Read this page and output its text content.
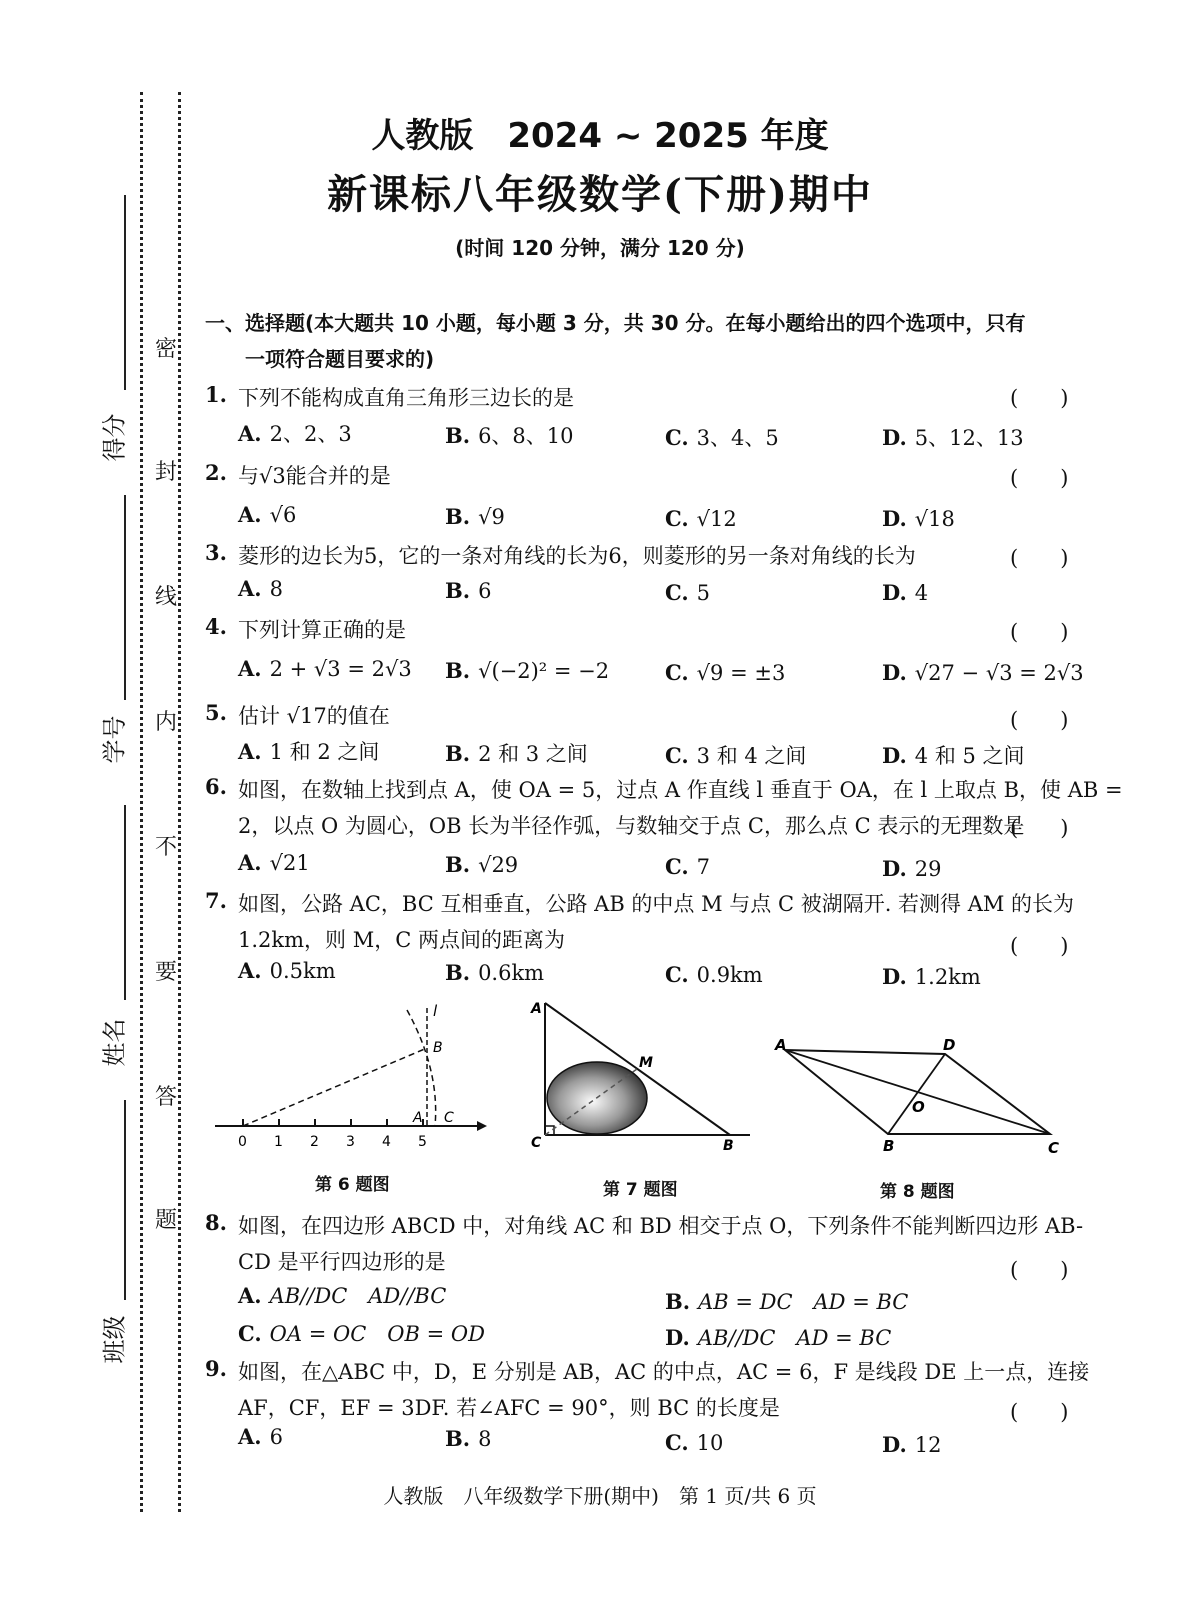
得分
学号
姓名
班级
密
封
线
内
不
要
答
题
人教版　2024 ~ 2025 年度
新课标八年级数学(下册)期中
(时间 120 分钟，满分 120 分)
一、选择题(本大题共 10 小题，每小题 3 分，共 30 分。在每小题给出的四个选项中，只有
一项符合题目要求的)
1. 下列不能构成直角三角形三边长的是	(　　)
A. 2、2、3	B. 6、8、10	C. 3、4、5	D. 5、12、13
2. 与√3能合并的是	(　　)
A. √6	B. √9	C. √12	D. √18
3. 菱形的边长为5，它的一条对角线的长为6，则菱形的另一条对角线的长为	(　　)
A. 8	B. 6	C. 5	D. 4
4. 下列计算正确的是	(　　)
A. 2 + √3 = 2√3 B. √(−2)² = −2	C. √9 = ±3	D. √27 − √3 = 2√3
5. 估计 √17的值在	(　　)
A. 1 和 2 之间	B. 2 和 3 之间	C. 3 和 4 之间	D. 4 和 5 之间
6. 如图，在数轴上找到点 A，使 OA = 5，过点 A 作直线 l 垂直于 OA，在 l 上取点 B，使 AB =
2，以点 O 为圆心，OB 长为半径作弧，与数轴交于点 C，那么点 C 表示的无理数是
(　　)
A. √21	B. √29	C. 7	D. 29
7. 如图，公路 AC，BC 互相垂直，公路 AB 的中点 M 与点 C 被湖隔开. 若测得 AM 的长为
1.2km，则 M，C 两点间的距离为	(　　)
A. 0.5km	B. 0.6km	C. 0.9km	D. 1.2km
0 1 2 3 4 5
l
B
A C
第 6 题图
A
M
C	B
第 7 题图
A	D
O
B	C
第 8 题图
8. 如图，在四边形 ABCD 中，对角线 AC 和 BD 相交于点 O，下列条件不能判断四边形 AB-
CD 是平行四边形的是	(　　)
A. AB//DC　AD//BC	B. AB = DC　AD = BC
C. OA = OC　OB = OD	D. AB//DC　AD = BC
9. 如图，在△ABC 中，D，E 分别是 AB，AC 的中点，AC = 6，F 是线段 DE 上一点，连接
AF，CF，EF = 3DF. 若∠AFC = 90°，则 BC 的长度是	(　　)
A. 6	B. 8	C. 10	D. 12
人教版　八年级数学下册(期中)　第 1 页/共 6 页
